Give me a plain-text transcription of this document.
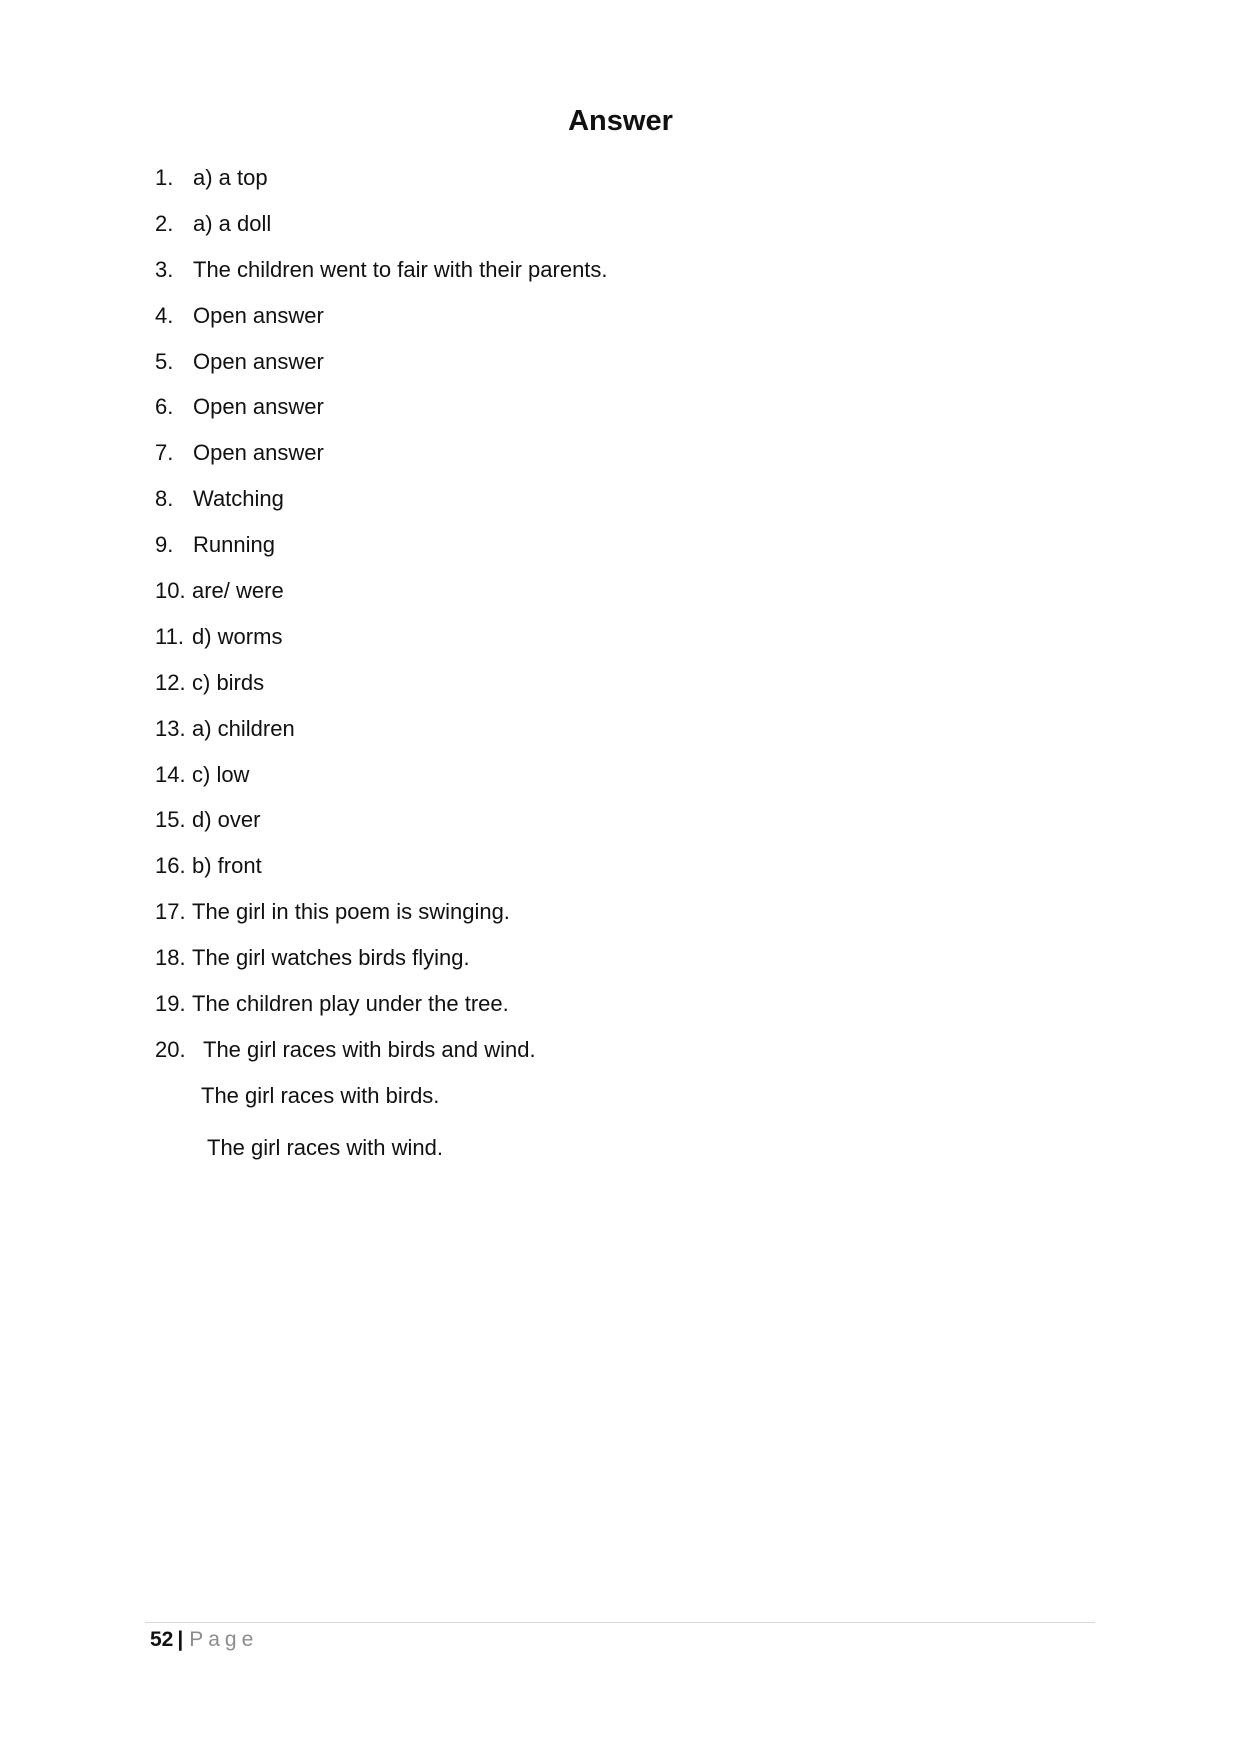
Answer
1. a) a top
2. a) a doll
3. The children went to fair with their parents.
4. Open answer
5. Open answer
6. Open answer
7. Open answer
8. Watching
9. Running
10. are/ were
11. d) worms
12. c) birds
13. a) children
14. c) low
15. d) over
16. b) front
17. The girl in this poem is swinging.
18. The girl watches birds flying.
19. The children play under the tree.
20. The girl races with birds and wind.

The girl races with birds.

The girl races with wind.

52 | Page
